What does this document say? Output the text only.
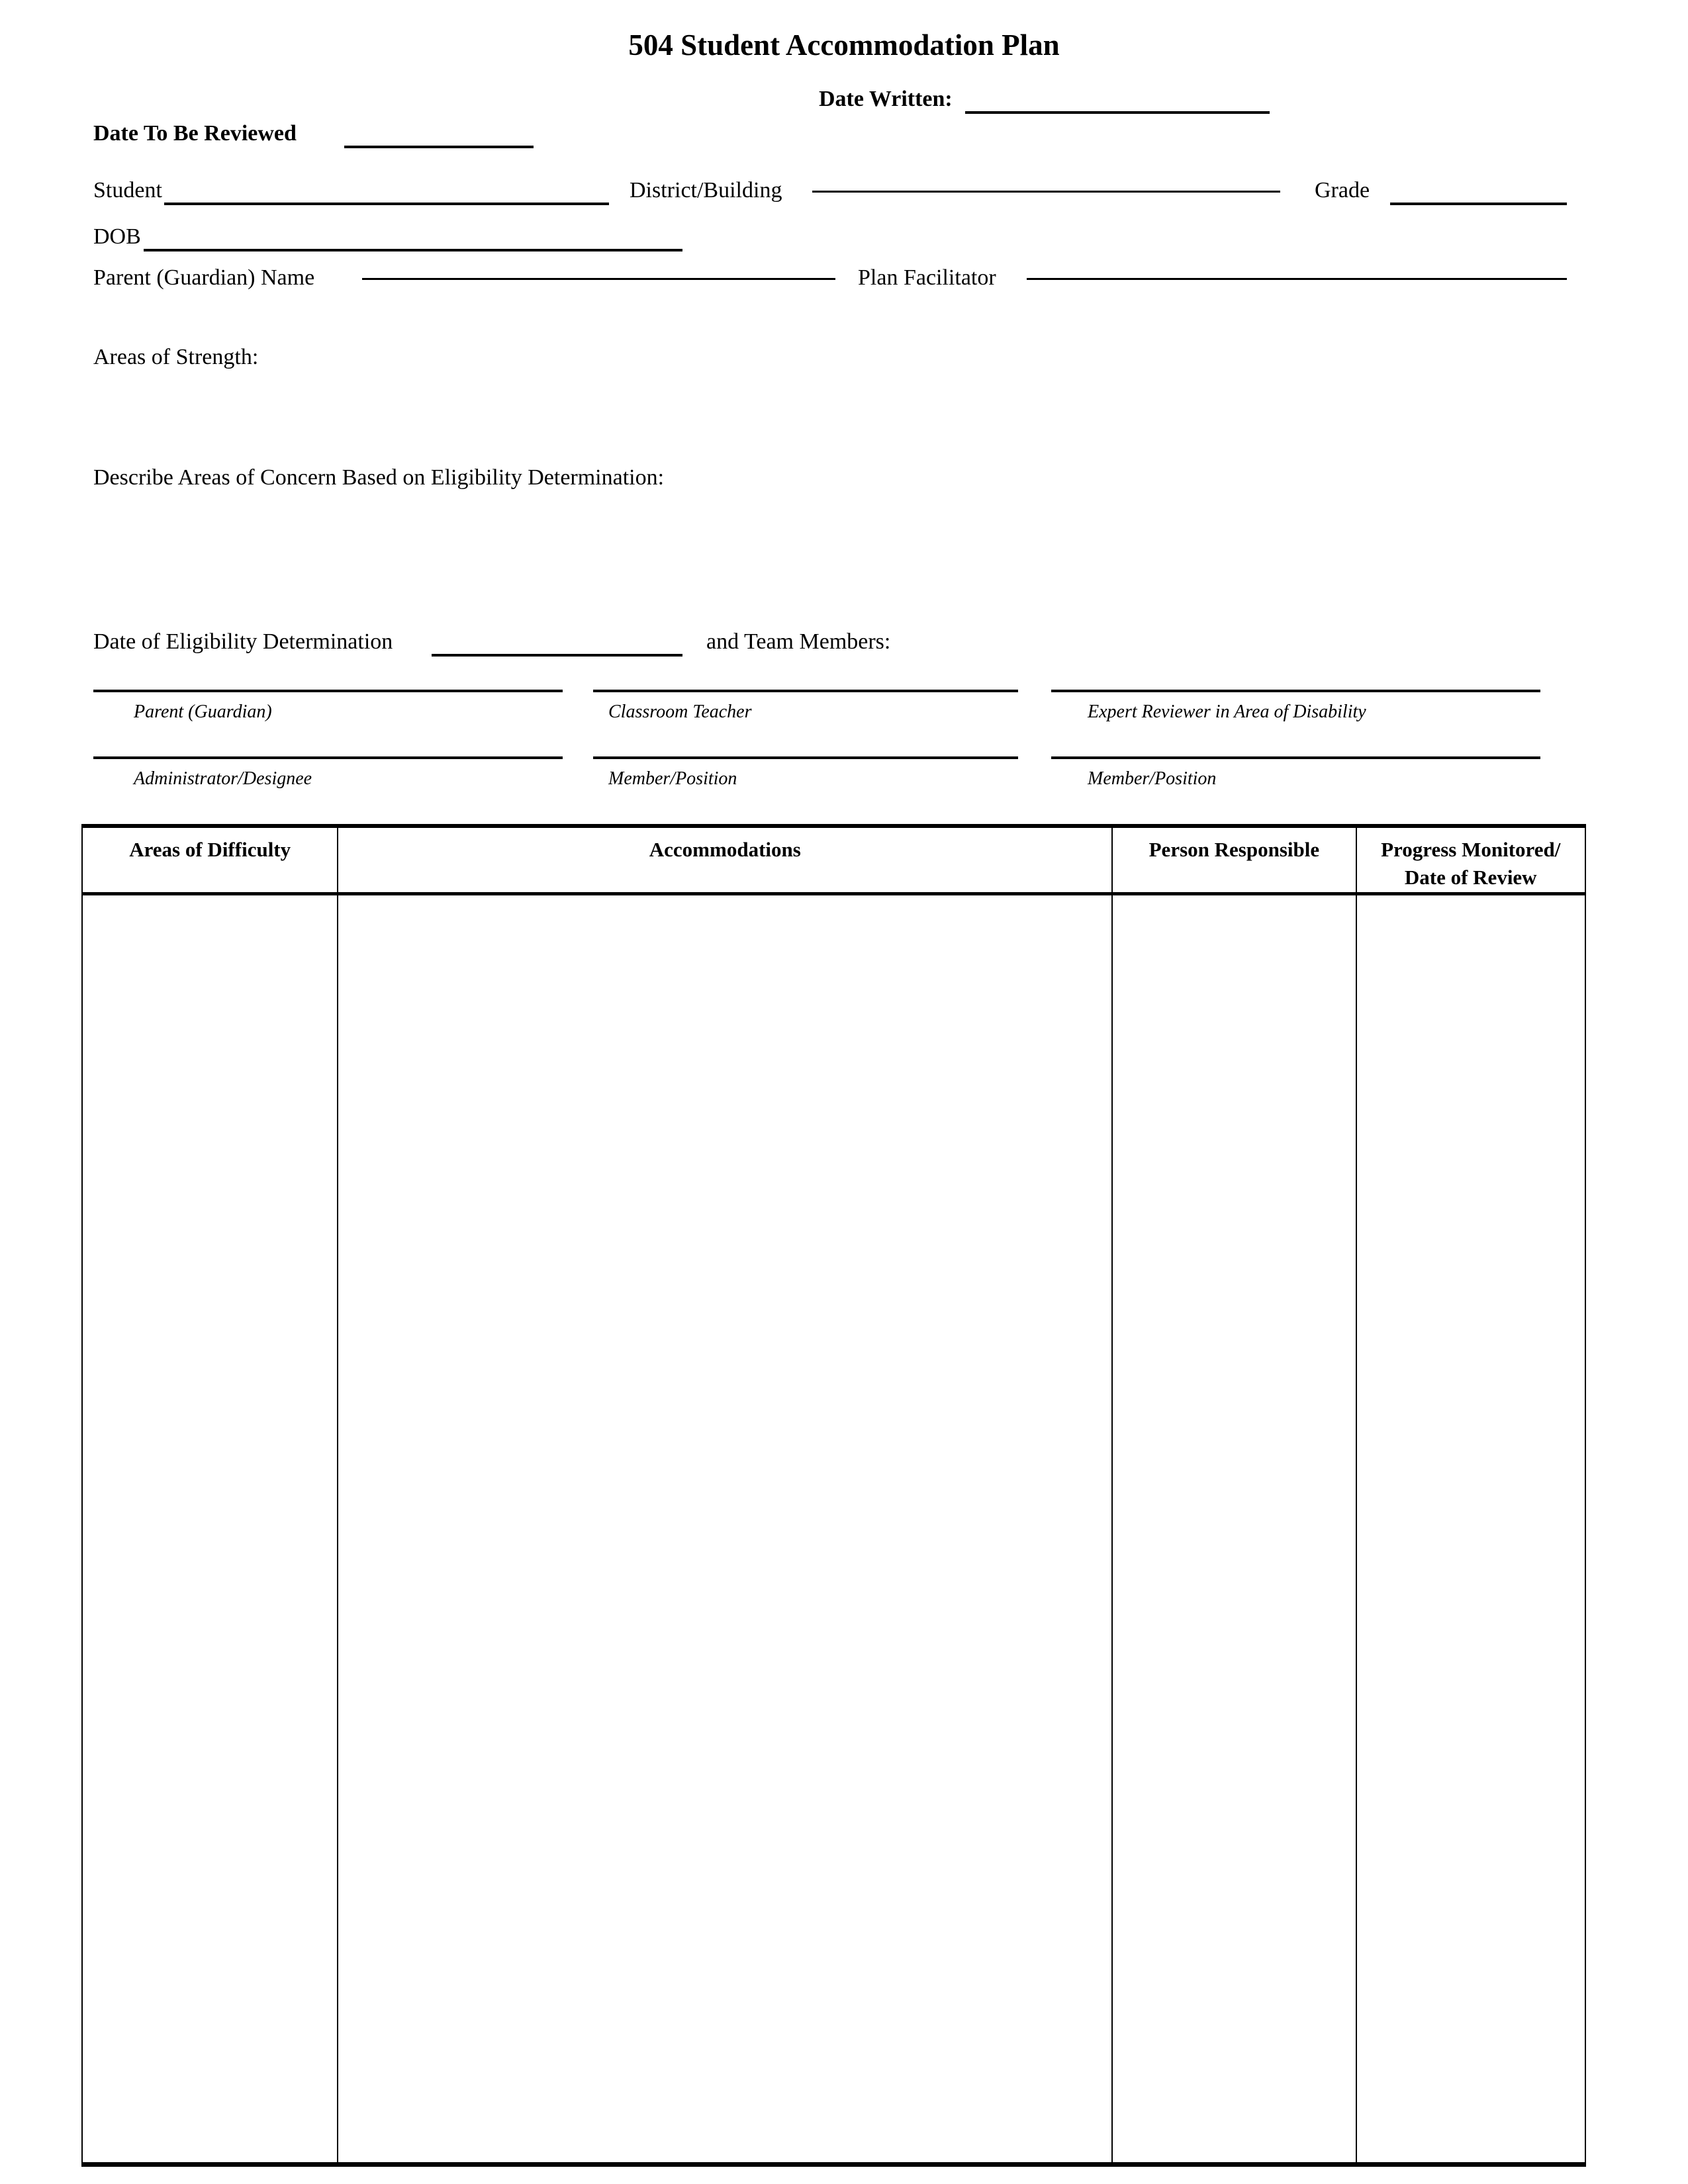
504 Student Accommodation Plan
Date Written:
Date To Be Reviewed
Student	District/Building	Grade
DOB
Parent (Guardian) Name	Plan Facilitator
Areas of Strength:
Describe Areas of Concern Based on Eligibility Determination:
Date of Eligibility Determination	and Team Members:
Parent (Guardian)	Classroom Teacher	Expert Reviewer in Area of Disability
Administrator/Designee	Member/Position	Member/Position
Areas of Difficulty	Accommodations	Person Responsible	Progress Monitored/
Date of Review
